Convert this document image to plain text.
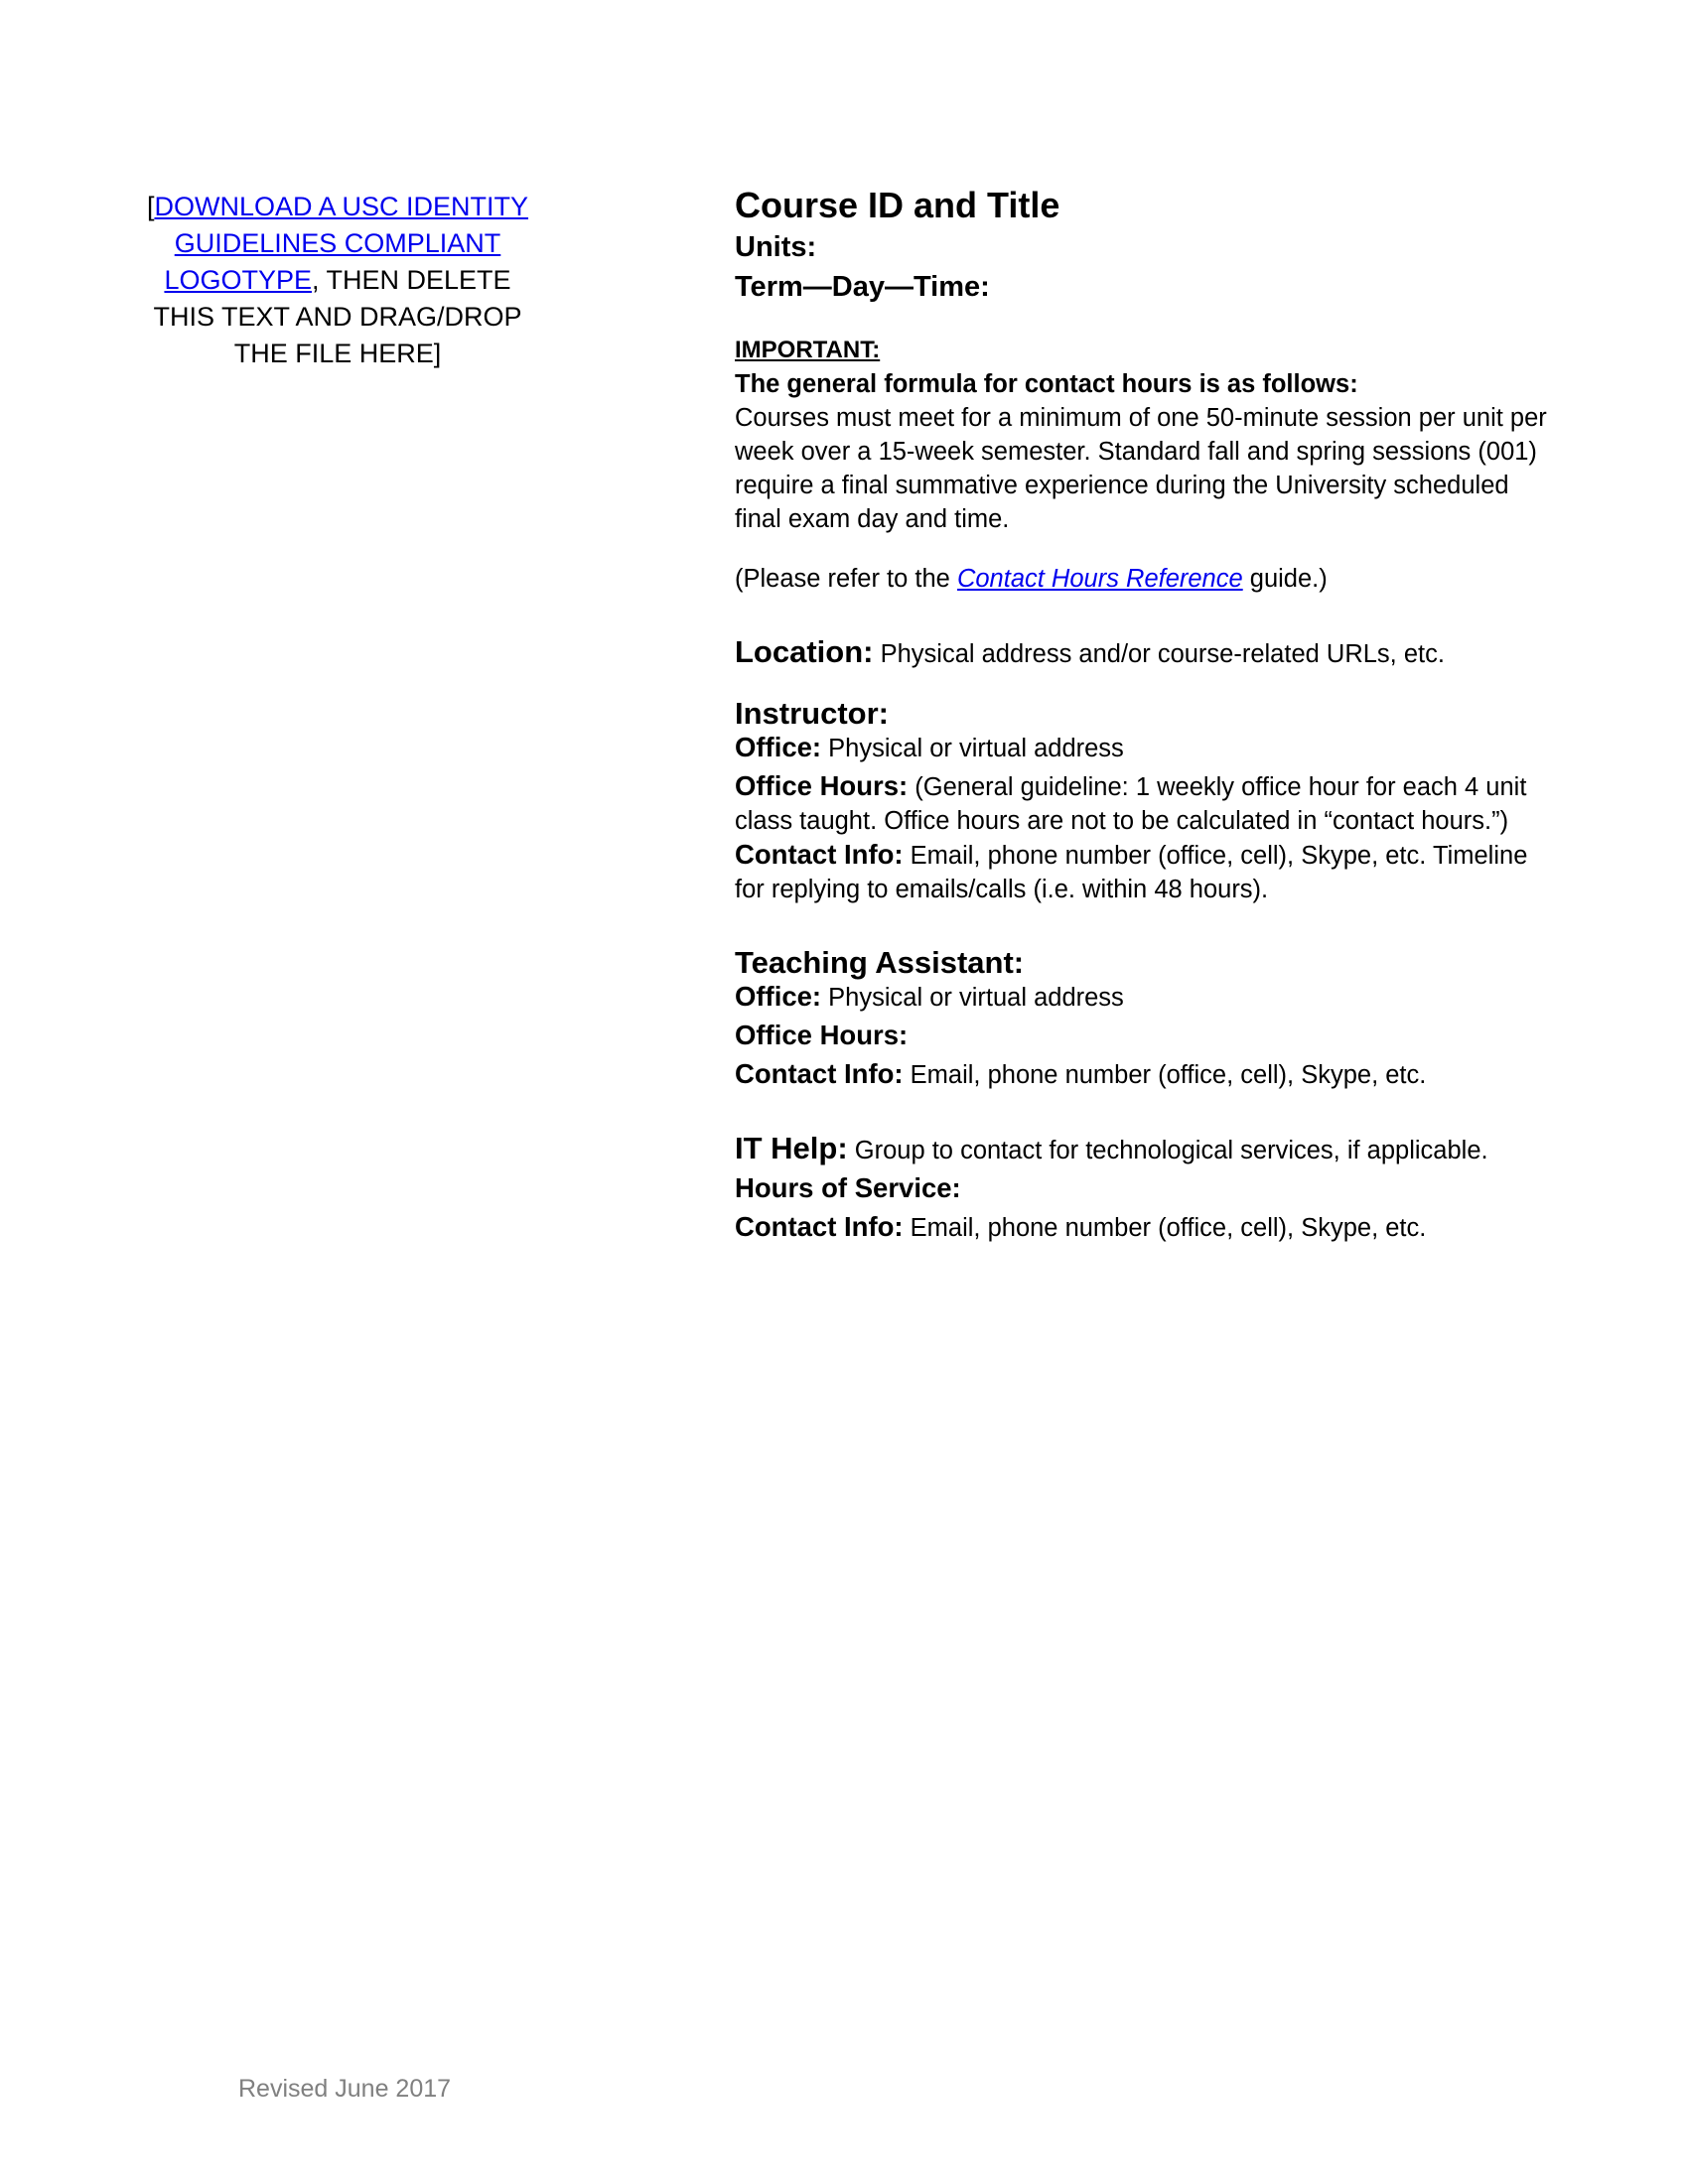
[DOWNLOAD A USC IDENTITY GUIDELINES COMPLIANT LOGOTYPE, THEN DELETE THIS TEXT AND DRAG/DROP THE FILE HERE]

Course ID and Title

Units:

Term—Day—Time:

IMPORTANT:

The general formula for contact hours is as follows:

Courses must meet for a minimum of one 50-minute session per unit per week over a 15-week semester. Standard fall and spring sessions (001) require a final summative experience during the University scheduled final exam day and time.

(Please refer to the Contact Hours Reference guide.)

Location: Physical address and/or course-related URLs, etc.

Instructor:

Office: Physical or virtual address

Office Hours: (General guideline: 1 weekly office hour for each 4 unit class taught. Office hours are not to be calculated in “contact hours.”)

Contact Info: Email, phone number (office, cell), Skype, etc. Timeline for replying to emails/calls (i.e. within 48 hours).

Teaching Assistant:

Office: Physical or virtual address

Office Hours:

Contact Info: Email, phone number (office, cell), Skype, etc.

IT Help: Group to contact for technological services, if applicable.

Hours of Service:

Contact Info: Email, phone number (office, cell), Skype, etc.

Revised June 2017
